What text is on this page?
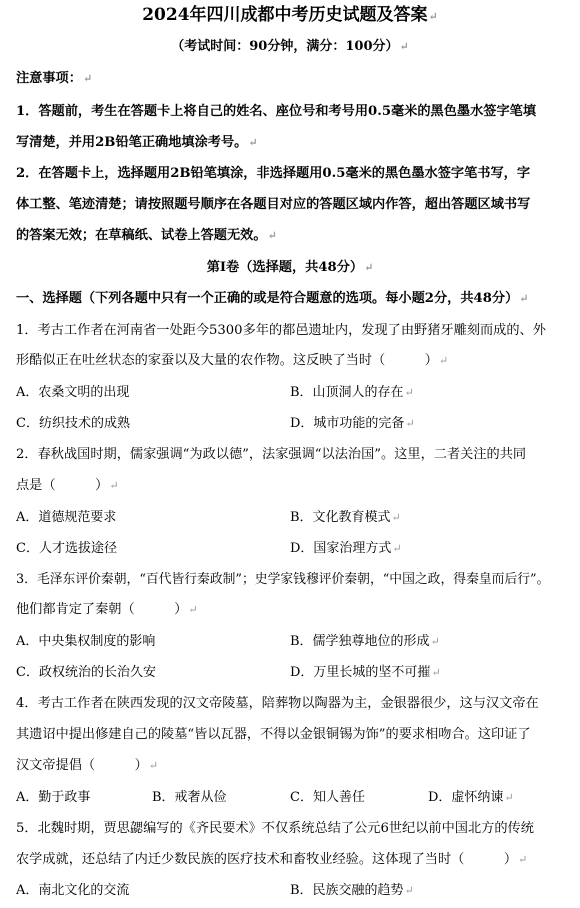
2024年四川成都中考历史试题及答案↵
（考试时间：90分钟，满分：100分）↵
注意事项：↵
1．答题前，考生在答题卡上将自己的姓名、座位号和考号用0.5毫米的黑色墨水签字笔填
写清楚，并用2B铅笔正确地填涂考号。↵
2．在答题卡上，选择题用2B铅笔填涂，非选择题用0.5毫米的黑色墨水签字笔书写，字
体工整、笔迹清楚；请按照题号顺序在各题目对应的答题区域内作答，超出答题区域书写
的答案无效；在草稿纸、试卷上答题无效。↵
第Ⅰ卷（选择题，共48分）↵
一、选择题（下列各题中只有一个正确的或是符合题意的选项。每小题2分，共48分）↵
1．考古工作者在河南省一处距今5300多年的都邑遗址内，发现了由野猪牙雕刻而成的、外
形酷似正在吐丝状态的家蚕以及大量的农作物。这反映了当时（　　　）↵
A．农桑文明的出现	B．山顶洞人的存在↵
C．纺织技术的成熟	D．城市功能的完备↵
2．春秋战国时期，儒家强调“为政以德”，法家强调“以法治国”。这里，二者关注的共同
点是（　　　）↵
A．道德规范要求	B．文化教育模式↵
C．人才选拔途径	D．国家治理方式↵
3．毛泽东评价秦朝，“百代皆行秦政制”；史学家钱穆评价秦朝，“中国之政，得秦皇而后行”。
他们都肯定了秦朝（　　　）↵
A．中央集权制度的影响	B．儒学独尊地位的形成↵
C．政权统治的长治久安	D．万里长城的坚不可摧↵
4．考古工作者在陕西发现的汉文帝陵墓，陪葬物以陶器为主，金银器很少，这与汉文帝在
其遗诏中提出修建自己的陵墓“皆以瓦器，不得以金银铜锡为饰”的要求相吻合。这印证了
汉文帝提倡（　　　）↵
A．勤于政事	B．戒奢从俭	C．知人善任	D．虚怀纳谏↵
5．北魏时期，贾思勰编写的《齐民要术》不仅系统总结了公元6世纪以前中国北方的传统
农学成就，还总结了内迁少数民族的医疗技术和畜牧业经验。这体现了当时（　　　）↵
A．南北文化的交流	B．民族交融的趋势↵
